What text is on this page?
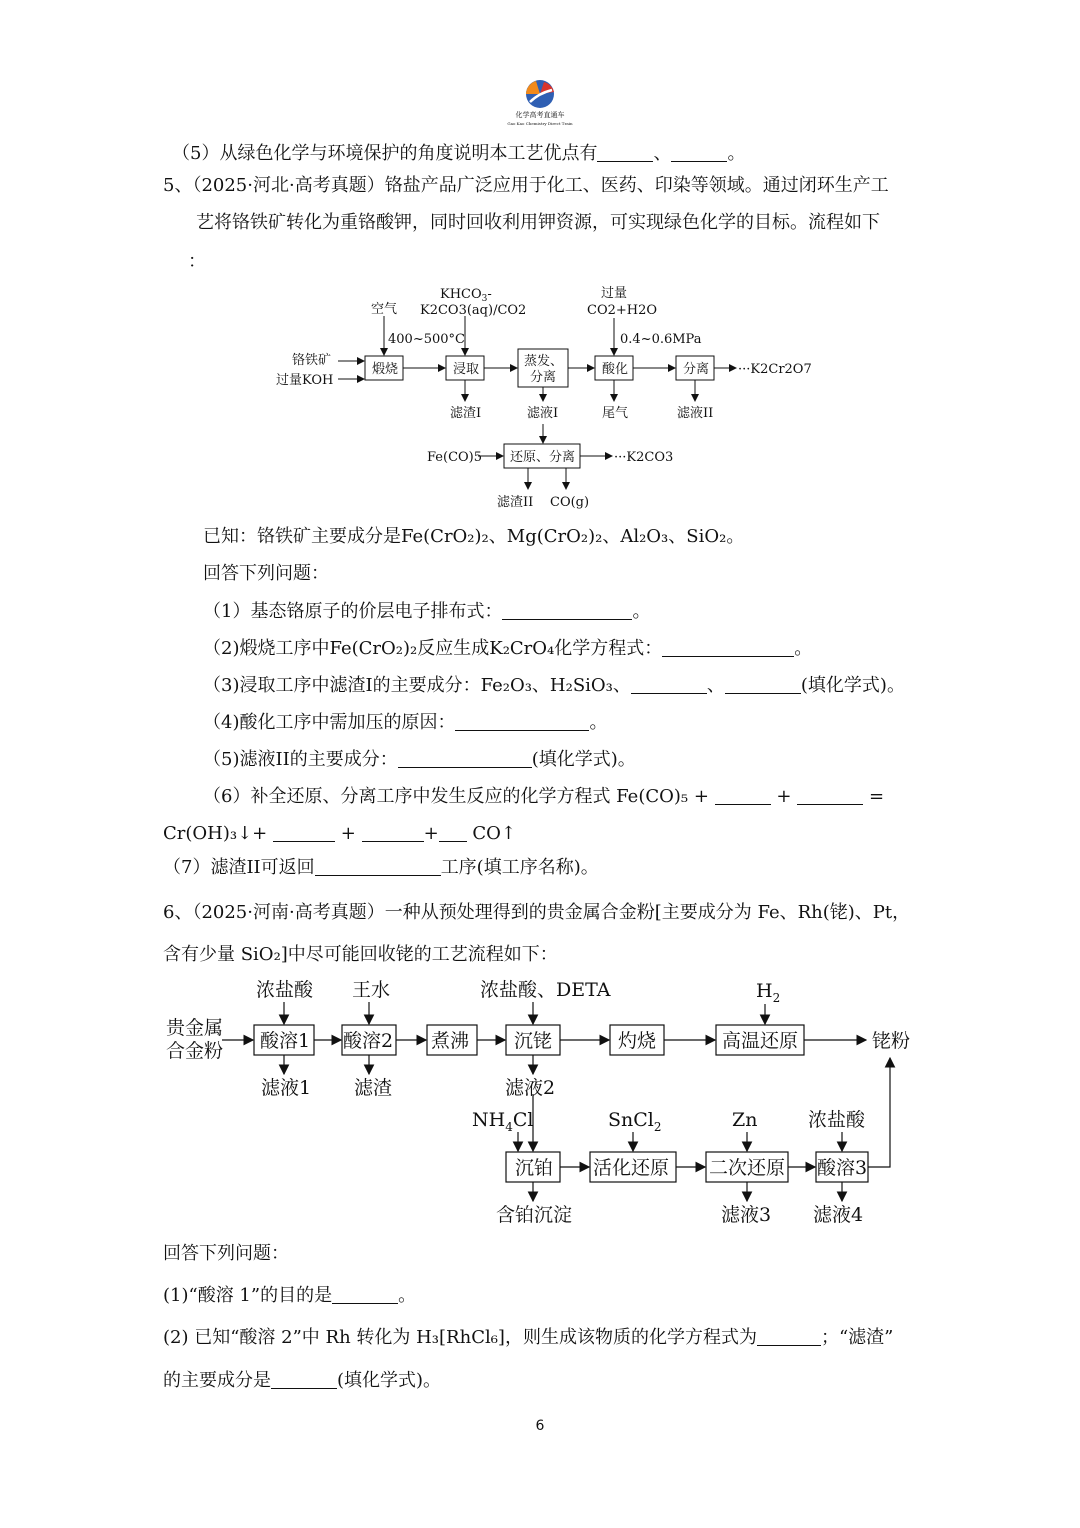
化学高考直通车
Gao Kao Chemistry Direct Train
（5）从绿色化学与环境保护的角度说明本工艺优点有	、	。
5、（2025·河北·高考真题）铬盐产品广泛应用于化工、医药、印染等领域。通过闭环生产工
艺将铬铁矿转化为重铬酸钾，同时回收利用钾资源，可实现绿色化学的目标。流程如下
：
空气
400~500°C
$KHCO_3-$
K2CO3(aq)/CO2
过量
CO2+H2O
0.4~0.6MPa
铬铁矿
过量KOH
煅烧	浸取
蒸发、
分离
酸化	分离 ···K2Cr2O7
滤渣I	滤液I	尾气	滤液II
Fe(CO)5 还原、分离	···K2CO3
滤渣II CO(g)
已知：铬铁矿主要成分是Fe(CrO₂)₂、Mg(CrO₂)₂、Al₂O₃、SiO₂。
回答下列问题：
（1）基态铬原子的价层电子排布式：	。
（2)煅烧工序中Fe(CrO₂)₂反应生成K₂CrO₄化学方程式：	。
（3)浸取工序中滤渣I的主要成分：Fe₂O₃、H₂SiO₃、	、	(填化学式)。
（4)酸化工序中需加压的原因：	。
（5)滤液II的主要成分：	(填化学式)。
（6）补全还原、分离工序中发生反应的化学方程式 Fe(CO)₅ +	+	=
Cr(OH)₃↓+	+	+ CO↑
（7）滤渣II可返回	工序(填工序名称)。
6、（2025·河南·高考真题）一种从预处理得到的贵金属合金粉[主要成分为 Fe、Rh(铑)、Pt，
含有少量 SiO₂]中尽可能回收铑的工艺流程如下：
浓盐酸 王水	浓盐酸、DETA	$H_2$
贵金属
合金粉 酸溶1 酸溶2 煮沸 沉铑	灼烧	高温还原	铑粉
滤液1 滤渣	滤液2
$NH_4Cl$	SnCl$_2$	Zn	浓盐酸
沉铂 活化还原 二次还原 酸溶3
含铂沉淀	滤液3 滤液4
回答下列问题：
(1)“酸溶 1”的目的是	。
(2) 已知“酸溶 2”中 Rh 转化为 H₃[RhCl₆]，则生成该物质的化学方程式为	；“滤渣”
的主要成分是	(填化学式)。
6
